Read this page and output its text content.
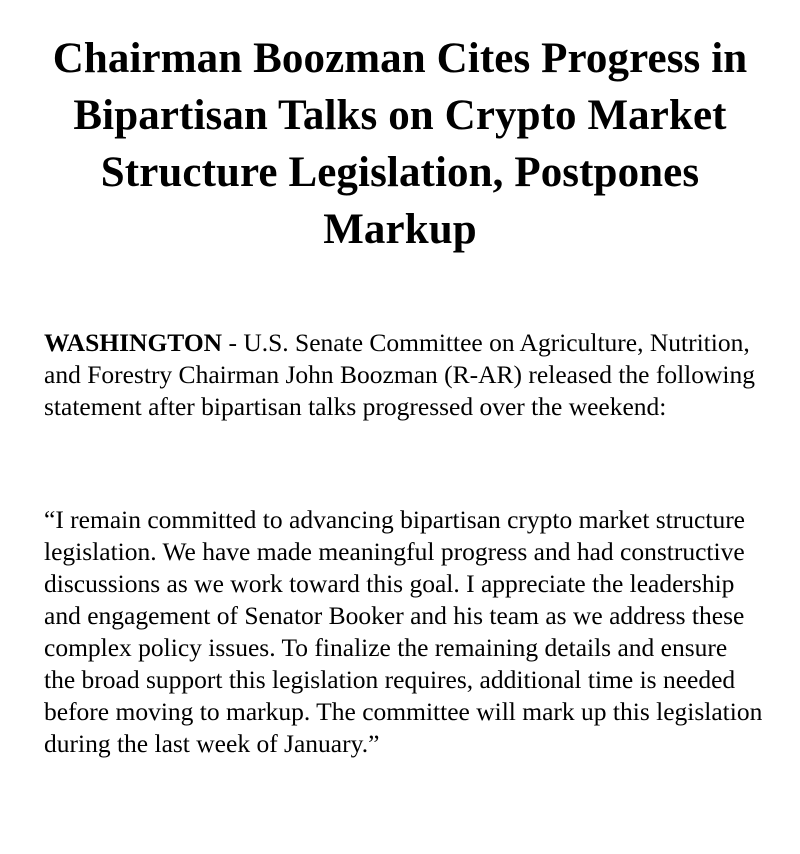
Chairman Boozman Cites Progress in Bipartisan Talks on Crypto Market Structure Legislation, Postpones Markup

WASHINGTON - U.S. Senate Committee on Agriculture, Nutrition, and Forestry Chairman John Boozman (R-AR) released the following statement after bipartisan talks progressed over the weekend:

“I remain committed to advancing bipartisan crypto market structure legislation. We have made meaningful progress and had constructive discussions as we work toward this goal. I appreciate the leadership and engagement of Senator Booker and his team as we address these complex policy issues. To finalize the remaining details and ensure the broad support this legislation requires, additional time is needed before moving to markup. The committee will mark up this legislation during the last week of January.”
